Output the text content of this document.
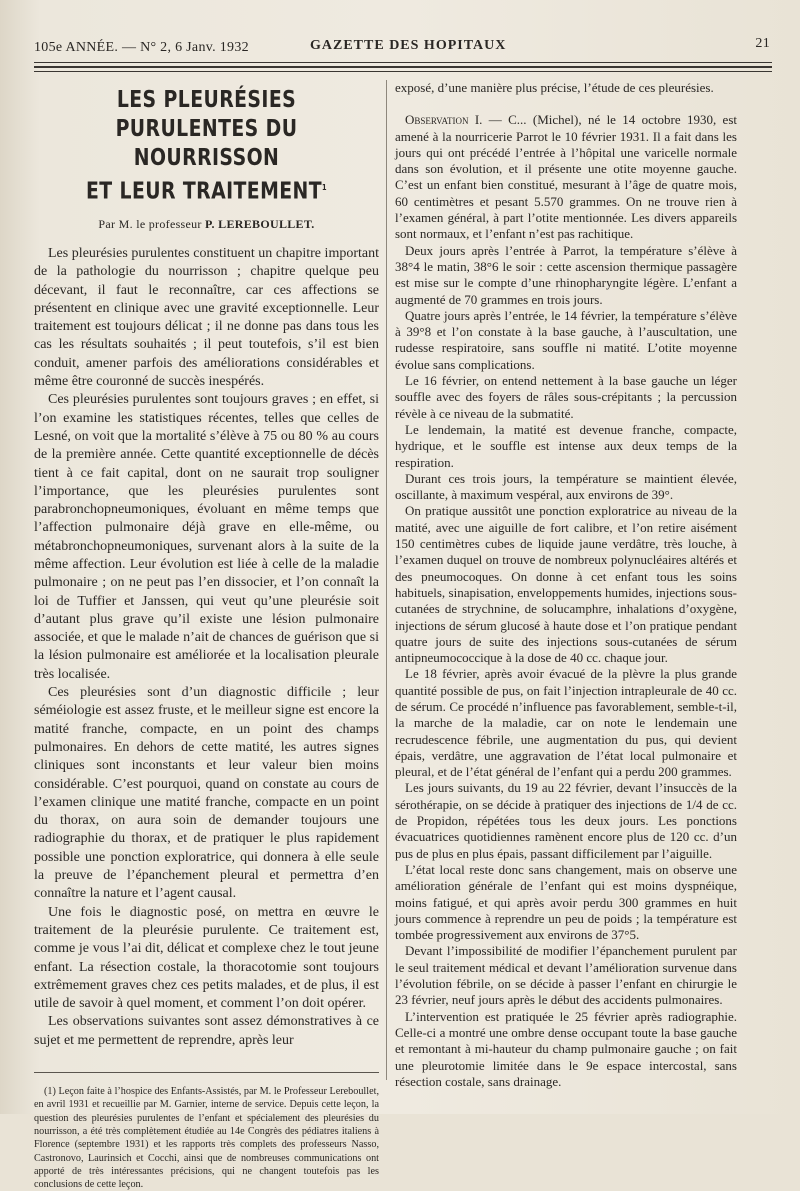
105e ANNÉE. — N° 2, 6 Janv. 1932	GAZETTE DES HOPITAUX	21
LES PLEURÉSIES PURULENTES DU NOURRISSON
ET LEUR TRAITEMENT$^1$
Par M. le professeur P. LEREBOULLET.

Les pleurésies purulentes constituent un chapitre important de la pathologie du nourrisson ; chapitre quelque peu décevant, il faut le reconnaître, car ces affections se présentent en clinique avec une gravité exceptionnelle. Leur traitement est toujours délicat ; il ne donne pas dans tous les cas les résultats souhaités ; il peut toutefois, s’il est bien conduit, amener parfois des améliorations considérables et même être couronné de succès inespérés.

Ces pleurésies purulentes sont toujours graves ; en effet, si l’on examine les statistiques récentes, telles que celles de Lesné, on voit que la mortalité s’élève à 75 ou 80 % au cours de la première année. Cette quantité exceptionnelle de décès tient à ce fait capital, dont on ne saurait trop souligner l’importance, que les pleurésies purulentes sont parabronchopneumoniques, évoluant en même temps que l’affection pulmonaire déjà grave en elle-même, ou métabronchopneumoniques, survenant alors à la suite de la même affection. Leur évolution est liée à celle de la maladie pulmonaire ; on ne peut pas l’en dissocier, et l’on connaît la loi de Tuffier et Janssen, qui veut qu’une pleurésie soit d’autant plus grave qu’il existe une lésion pulmonaire associée, et que le malade n’ait de chances de guérison que si la lésion pulmonaire est améliorée et la localisation pleurale très localisée.

Ces pleurésies sont d’un diagnostic difficile ; leur séméiologie est assez fruste, et le meilleur signe est encore la matité franche, compacte, en un point des champs pulmonaires. En dehors de cette matité, les autres signes cliniques sont inconstants et leur valeur bien moins considérable. C’est pourquoi, quand on constate au cours de l’examen clinique une matité franche, compacte en un point du thorax, on aura soin de demander toujours une radiographie du thorax, et de pratiquer le plus rapidement possible une ponction exploratrice, qui donnera à elle seule la preuve de l’épanchement pleural et permettra d’en connaître la nature et l’agent causal.

Une fois le diagnostic posé, on mettra en œuvre le traitement de la pleurésie purulente. Ce traitement est, comme je vous l’ai dit, délicat et complexe chez le tout jeune enfant. La résection costale, la thoracotomie sont toujours extrêmement graves chez ces petits malades, et de plus, il est utile de savoir à quel moment, et comment l’on doit opérer.

Les observations suivantes sont assez démonstratives à ce sujet et me permettent de reprendre, après leur

(1) Leçon faite à l’hospice des Enfants-Assistés, par M. le Professeur Lereboullet, en avril 1931 et recueillie par M. Garnier, interne de service. Depuis cette leçon, la question des pleurésies purulentes de l’enfant et spécialement des pleurésies du nourrisson, a été très complètement étudiée au 14e Congrès des pédiatres italiens à Florence (septembre 1931) et les rapports très complets des professeurs Nasso, Castronovo, Laurinsich et Cocchi, ainsi que de nombreuses communications ont apporté de très intéressantes précisions, qui ne changent toutefois pas les conclusions de cette leçon.

exposé, d’une manière plus précise, l’étude de ces pleurésies.

Observation I. — C... (Michel), né le 14 octobre 1930, est amené à la nourricerie Parrot le 10 février 1931. Il a fait dans les jours qui ont précédé l’entrée à l’hôpital une varicelle normale dans son évolution, et il présente une otite moyenne gauche. C’est un enfant bien constitué, mesurant à l’âge de quatre mois, 60 centimètres et pesant 5.570 grammes. On ne trouve rien à l’examen général, à part l’otite mentionnée. Les divers appareils sont normaux, et l’enfant n’est pas rachitique.

Deux jours après l’entrée à Parrot, la température s’élève à 38°4 le matin, 38°6 le soir : cette ascension thermique passagère est mise sur le compte d’une rhinopharyngite légère. L’enfant a augmenté de 70 grammes en trois jours.

Quatre jours après l’entrée, le 14 février, la température s’élève à 39°8 et l’on constate à la base gauche, à l’auscultation, une rudesse respiratoire, sans souffle ni matité. L’otite moyenne évolue sans complications.

Le 16 février, on entend nettement à la base gauche un léger souffle avec des foyers de râles sous-crépitants ; la percussion révèle à ce niveau de la submatité.

Le lendemain, la matité est devenue franche, compacte, hydrique, et le souffle est intense aux deux temps de la respiration.

Durant ces trois jours, la température se maintient élevée, oscillante, à maximum vespéral, aux environs de 39°.

On pratique aussitôt une ponction exploratrice au niveau de la matité, avec une aiguille de fort calibre, et l’on retire aisément 150 centimètres cubes de liquide jaune verdâtre, très louche, à l’examen duquel on trouve de nombreux polynucléaires altérés et des pneumocoques. On donne à cet enfant tous les soins habituels, sinapisation, enveloppements humides, injections sous-cutanées de strychnine, de solucamphre, inhalations d’oxygène, injections de sérum glucosé à haute dose et l’on pratique pendant quatre jours de suite des injections sous-cutanées de sérum antipneumococcique à la dose de 40 cc. chaque jour.

Le 18 février, après avoir évacué de la plèvre la plus grande quantité possible de pus, on fait l’injection intrapleurale de 40 cc. de sérum. Ce procédé n’influence pas favorablement, semble-t-il, la marche de la maladie, car on note le lendemain une recrudescence fébrile, une augmentation du pus, qui devient épais, verdâtre, une aggravation de l’état local pulmonaire et pleural, et de l’état général de l’enfant qui a perdu 200 grammes.

Les jours suivants, du 19 au 22 février, devant l’insuccès de la sérothérapie, on se décide à pratiquer des injections de 1/4 de cc. de Propidon, répétées tous les deux jours. Les ponctions évacuatrices quotidiennes ramènent encore plus de 120 cc. d’un pus de plus en plus épais, passant difficilement par l’aiguille.

L’état local reste donc sans changement, mais on observe une amélioration générale de l’enfant qui est moins dyspnéique, moins fatigué, et qui après avoir perdu 300 grammes en huit jours commence à reprendre un peu de poids ; la température est tombée progressivement aux environs de 37°5.

Devant l’impossibilité de modifier l’épanchement purulent par le seul traitement médical et devant l’amélioration survenue dans l’évolution fébrile, on se décide à passer l’enfant en chirurgie le 23 février, neuf jours après le début des accidents pulmonaires.

L’intervention est pratiquée le 25 février après radiographie. Celle-ci a montré une ombre dense occupant toute la base gauche et remontant à mi-hauteur du champ pulmonaire gauche ; on fait une pleurotomie limitée dans le 9e espace intercostal, sans résection costale, sans drainage.
